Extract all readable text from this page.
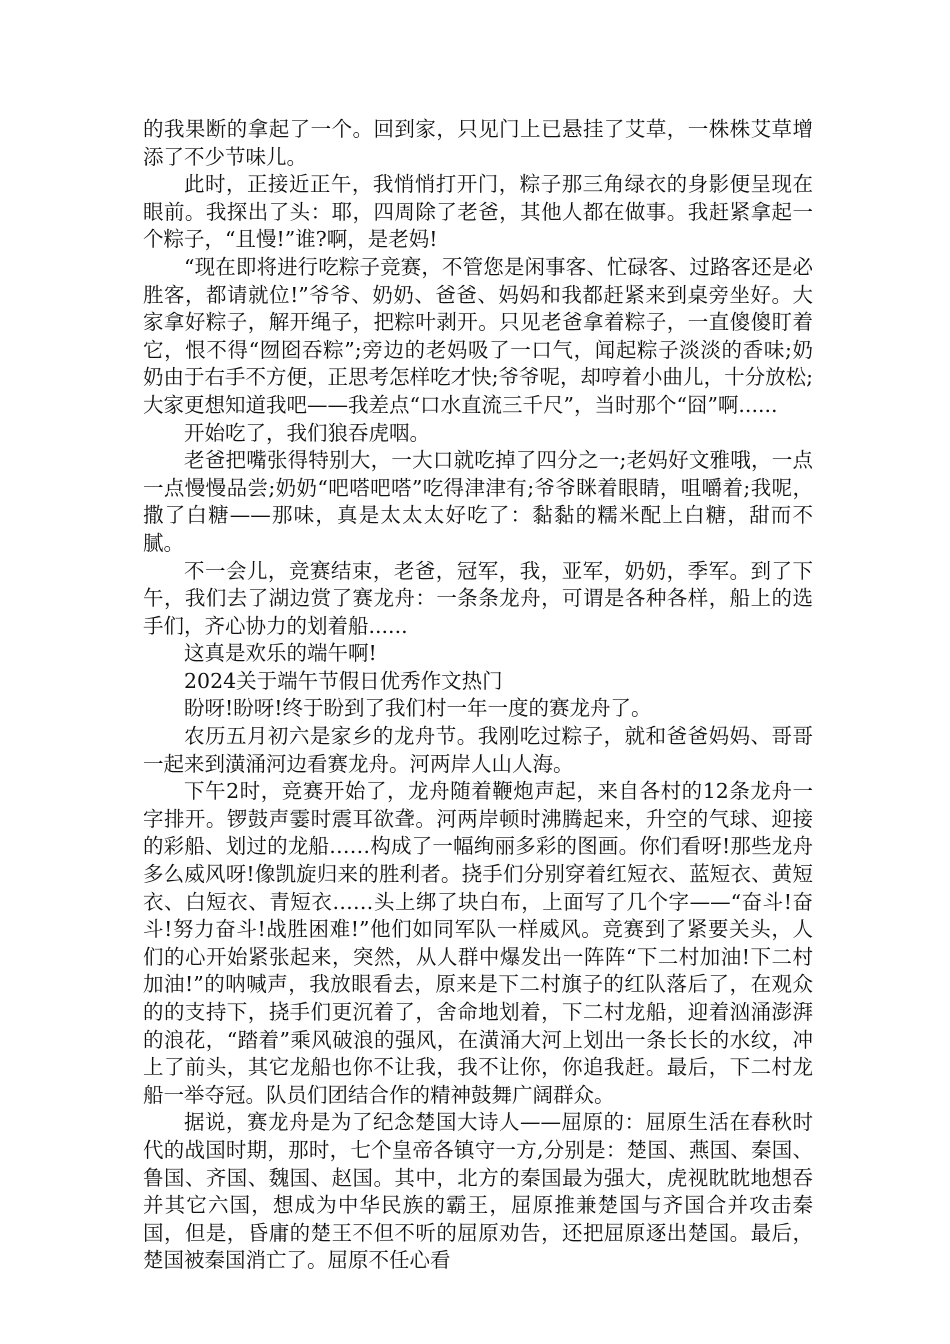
的我果断的拿起了一个。回到家，只见门上已悬挂了艾草，一株株艾草增添了不少节味儿。

此时，正接近正午，我悄悄打开门，粽子那三角绿衣的身影便呈现在眼前。我探出了头：耶，四周除了老爸，其他人都在做事。我赶紧拿起一个粽子，“且慢!”谁?啊，是老妈!

“现在即将进行吃粽子竞赛，不管您是闲事客、忙碌客、过路客还是必胜客，都请就位!”爷爷、奶奶、爸爸、妈妈和我都赶紧来到桌旁坐好。大家拿好粽子，解开绳子，把粽叶剥开。只见老爸拿着粽子，一直傻傻盯着它，恨不得“囫囵吞粽”;旁边的老妈吸了一口气，闻起粽子淡淡的香味;奶奶由于右手不方便，正思考怎样吃才快;爷爷呢，却哼着小曲儿，十分放松;大家更想知道我吧——我差点“口水直流三千尺”，当时那个“囧”啊......

开始吃了，我们狼吞虎咽。

老爸把嘴张得特别大，一大口就吃掉了四分之一;老妈好文雅哦，一点一点慢慢品尝;奶奶“吧嗒吧嗒”吃得津津有;爷爷眯着眼睛，咀嚼着;我呢，撒了白糖——那味，真是太太太好吃了：黏黏的糯米配上白糖，甜而不腻。

不一会儿，竞赛结束，老爸，冠军，我，亚军，奶奶，季军。到了下午，我们去了湖边赏了赛龙舟：一条条龙舟，可谓是各种各样，船上的选手们，齐心协力的划着船......

这真是欢乐的端午啊!

2024关于端午节假日优秀作文热门

盼呀!盼呀!终于盼到了我们村一年一度的赛龙舟了。

农历五月初六是家乡的龙舟节。我刚吃过粽子，就和爸爸妈妈、哥哥一起来到潢涌河边看赛龙舟。河两岸人山人海。

下午2时，竞赛开始了，龙舟随着鞭炮声起，来自各村的12条龙舟一字排开。锣鼓声霎时震耳欲聋。河两岸顿时沸腾起来，升空的气球、迎接的彩船、划过的龙船……构成了一幅绚丽多彩的图画。你们看呀!那些龙舟多么威风呀!像凯旋归来的胜利者。挠手们分别穿着红短衣、蓝短衣、黄短衣、白短衣、青短衣……头上绑了块白布，上面写了几个字——“奋斗!奋斗!努力奋斗!战胜困难!”他们如同军队一样威风。竞赛到了紧要关头，人们的心开始紧张起来，突然，从人群中爆发出一阵阵“下二村加油!下二村加油!”的呐喊声，我放眼看去，原来是下二村旗子的红队落后了，在观众的的支持下，挠手们更沉着了，舍命地划着，下二村龙船，迎着汹涌澎湃的浪花，“踏着”乘风破浪的强风，在潢涌大河上划出一条长长的水纹，冲上了前头，其它龙船也你不让我，我不让你，你追我赶。最后，下二村龙船一举夺冠。队员们团结合作的精神鼓舞广阔群众。

据说，赛龙舟是为了纪念楚国大诗人——屈原的：屈原生活在春秋时代的战国时期，那时，七个皇帝各镇守一方,分别是：楚国、燕国、秦国、鲁国、齐国、魏国、赵国。其中，北方的秦国最为强大，虎视眈眈地想吞并其它六国，想成为中华民族的霸王，屈原推兼楚国与齐国合并攻击秦国，但是，昏庸的楚王不但不听的屈原劝告，还把屈原逐出楚国。最后，楚国被秦国消亡了。屈原不任心看
